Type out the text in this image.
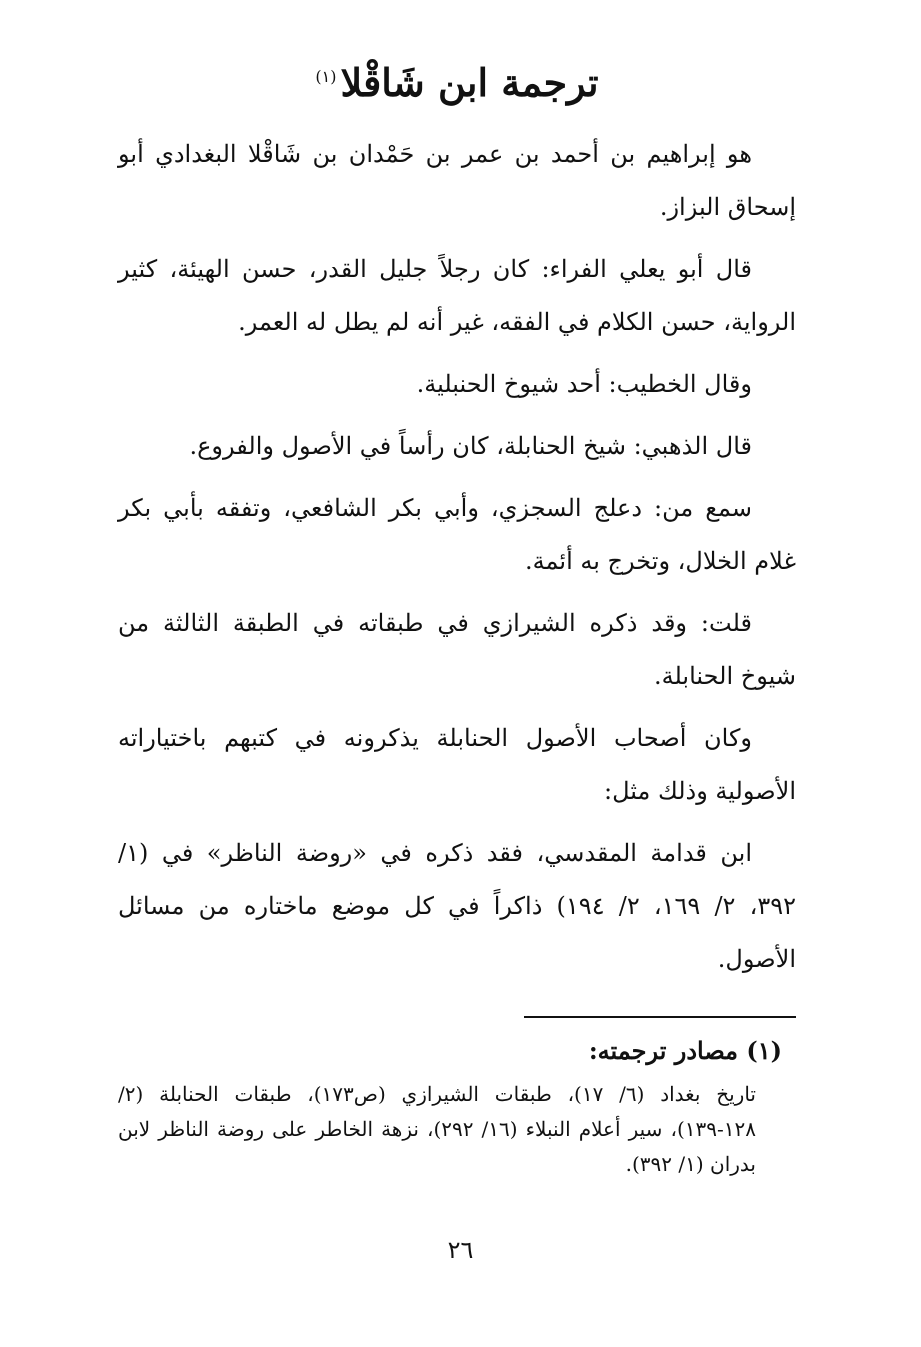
ترجمة ابن شَاقْلا$^{(١)}$

هو إبراهيم بن أحمد بن عمر بن حَمْدان بن شَاقْلا البغدادي أبو إسحاق البزاز.

قال أبو يعلي الفراء: كان رجلاً جليل القدر، حسن الهيئة، كثير الرواية، حسن الكلام في الفقه، غير أنه لم يطل له العمر.

وقال الخطيب: أحد شيوخ الحنبلية.

قال الذهبي: شيخ الحنابلة، كان رأساً في الأصول والفروع.

سمع من: دعلج السجزي، وأبي بكر الشافعي، وتفقه بأبي بكر غلام الخلال، وتخرج به أئمة.

قلت: وقد ذكره الشيرازي في طبقاته في الطبقة الثالثة من شيوخ الحنابلة.

وكان أصحاب الأصول الحنابلة يذكرونه في كتبهم باختياراته الأصولية وذلك مثل:

ابن قدامة المقدسي، فقد ذكره في «روضة الناظر» في (١/ ٣٩٢، ٢/ ١٦٩، ٢/ ١٩٤) ذاكراً في كل موضع ماختاره من مسائل الأصول.

(١) مصادر ترجمته:

تاريخ بغداد (٦/ ١٧)، طبقات الشيرازي (ص١٧٣)، طبقات الحنابلة (٢/ ١٢٨-١٣٩)، سير أعلام النبلاء (١٦/ ٢٩٢)، نزهة الخاطر على روضة الناظر لابن بدران (١/ ٣٩٢).

٢٦
